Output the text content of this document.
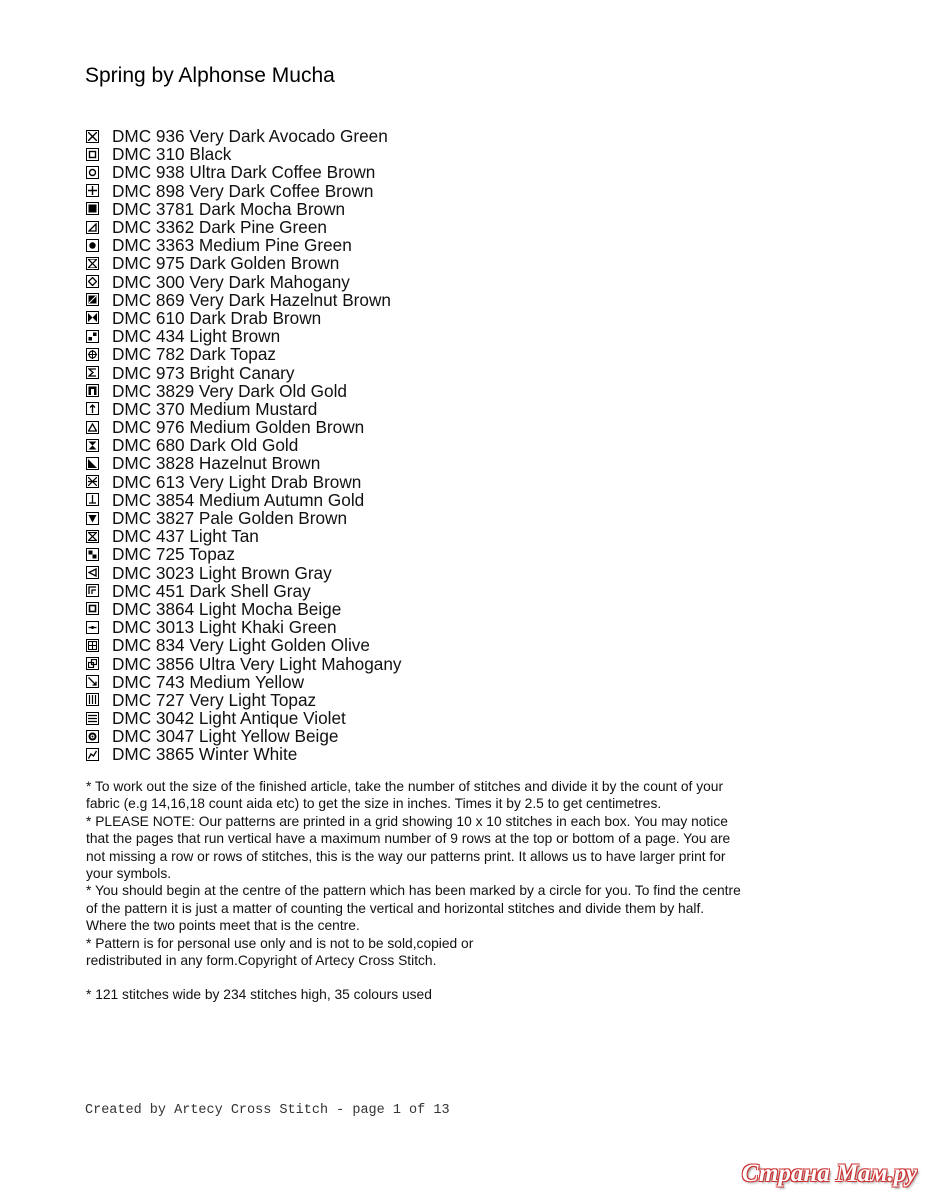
Spring by Alphonse Mucha
DMC 936 Very Dark Avocado Green
DMC 310 Black
DMC 938 Ultra Dark Coffee Brown
DMC 898 Very Dark Coffee Brown
DMC 3781 Dark Mocha Brown
DMC 3362 Dark Pine Green
DMC 3363 Medium Pine Green
DMC 975 Dark Golden Brown
DMC 300 Very Dark Mahogany
DMC 869 Very Dark Hazelnut Brown
DMC 610 Dark Drab Brown
DMC 434 Light Brown
DMC 782 Dark Topaz
DMC 973 Bright Canary
DMC 3829 Very Dark Old Gold
DMC 370 Medium Mustard
DMC 976 Medium Golden Brown
DMC 680 Dark Old Gold
DMC 3828 Hazelnut Brown
DMC 613 Very Light Drab Brown
DMC 3854 Medium Autumn Gold
DMC 3827 Pale Golden Brown
DMC 437 Light Tan
DMC 725 Topaz
DMC 3023 Light Brown Gray
DMC 451 Dark Shell Gray
DMC 3864 Light Mocha Beige
DMC 3013 Light Khaki Green
DMC 834 Very Light Golden Olive
DMC 3856 Ultra Very Light Mahogany
DMC 743 Medium Yellow
DMC 727 Very Light Topaz
DMC 3042 Light Antique Violet
DMC 3047 Light Yellow Beige
DMC 3865 Winter White

* To work out the size of the finished article, take the number of stitches and divide it by the count of your fabric (e.g 14,16,18 count aida etc) to get the size in inches. Times it by 2.5 to get centimetres.

* PLEASE NOTE: Our patterns are printed in a grid showing 10 x 10 stitches in each box. You may notice that the pages that run vertical have a maximum number of 9 rows at the top or bottom of a page. You are not missing a row or rows of stitches, this is the way our patterns print. It allows us to have larger print for your symbols.

* You should begin at the centre of the pattern which has been marked by a circle for you. To find the centre of the pattern it is just a matter of counting the vertical and horizontal stitches and divide them by half. Where the two points meet that is the centre.

* Pattern is for personal use only and is not to be sold,copied or

redistributed in any form.Copyright of Artecy Cross Stitch.

* 121 stitches wide by 234 stitches high, 35 colours used

Created by Artecy Cross Stitch - page 1 of 13
Страна Мам.ру
